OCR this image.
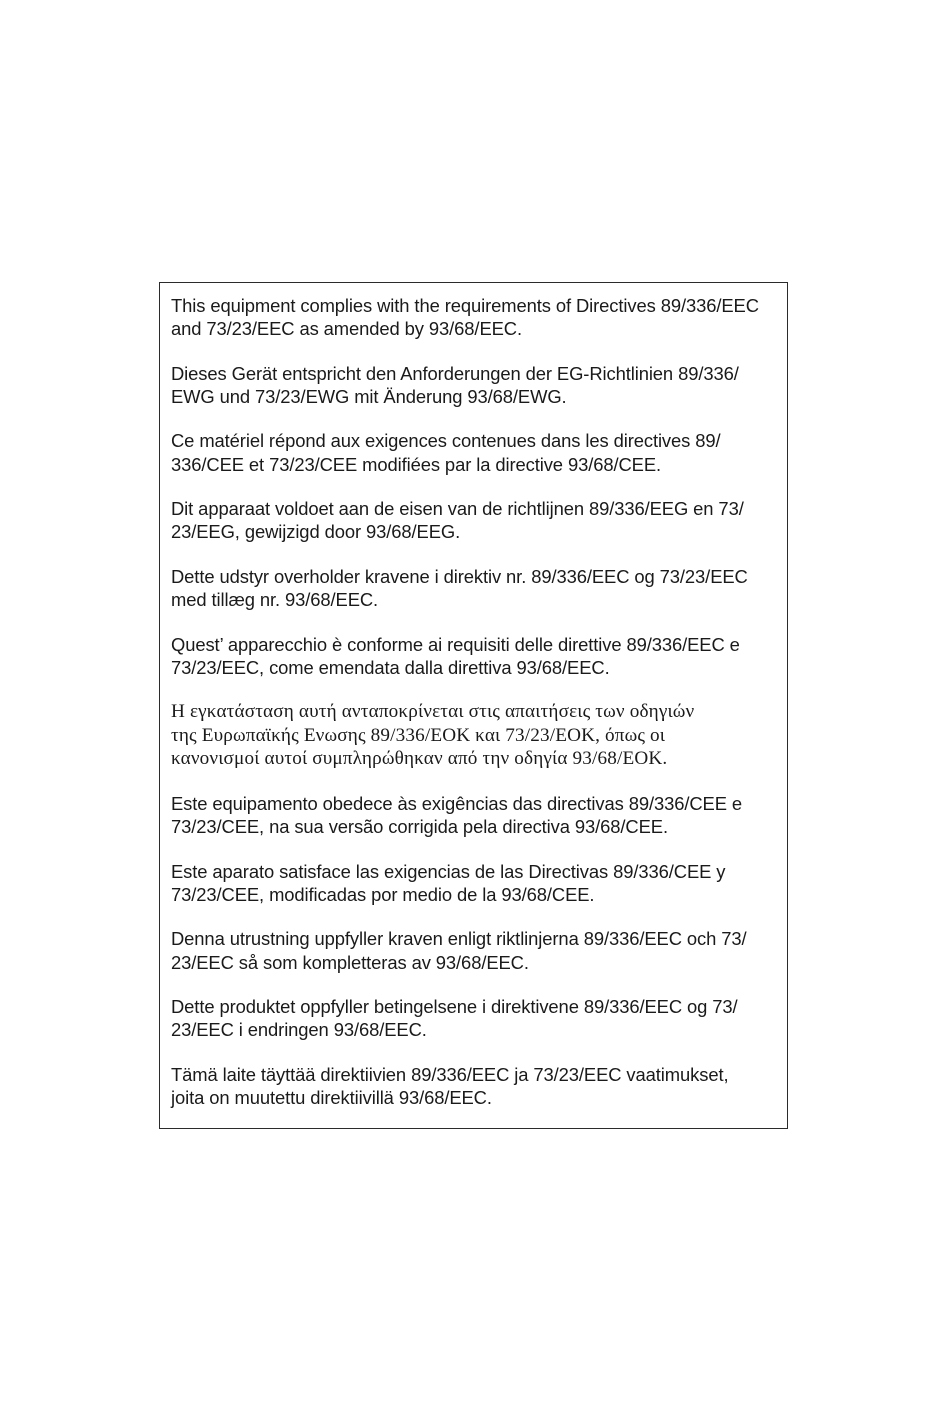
This equipment complies with the requirements of Directives 89/336/EEC
and 73/23/EEC as amended by 93/68/EEC.

Dieses Gerät entspricht den Anforderungen der EG-Richtlinien 89/336/
EWG und 73/23/EWG mit Änderung 93/68/EWG.

Ce matériel répond aux exigences contenues dans les directives 89/
336/CEE et 73/23/CEE modifiées par la directive 93/68/CEE.

Dit apparaat voldoet aan de eisen van de richtlijnen 89/336/EEG en 73/
23/EEG, gewijzigd door 93/68/EEG.

Dette udstyr overholder kravene i direktiv nr. 89/336/EEC og 73/23/EEC
med tillæg nr. 93/68/EEC.

Quest’ apparecchio è conforme ai requisiti delle direttive 89/336/EEC e
73/23/EEC, come emendata dalla direttiva 93/68/EEC.

Η εγκατάσταση αυτή ανταποκρίνεται στις απαιτήσεις των οδηγιών
της Ευρωπαϊκής Ενωσης 89/336/ΕΟΚ και 73/23/ΕΟΚ, όπως οι
κανονισμοί αυτοί συμπληρώθηκαν από την οδηγία 93/68/ΕΟΚ.

Este equipamento obedece às exigências das directivas 89/336/CEE e
73/23/CEE, na sua versão corrigida pela directiva 93/68/CEE.

Este aparato satisface las exigencias de las Directivas 89/336/CEE y
73/23/CEE, modificadas por medio de la 93/68/CEE.

Denna utrustning uppfyller kraven enligt riktlinjerna 89/336/EEC och 73/
23/EEC så som kompletteras av 93/68/EEC.

Dette produktet oppfyller betingelsene i direktivene 89/336/EEC og 73/
23/EEC i endringen 93/68/EEC.

Tämä laite täyttää direktiivien 89/336/EEC ja 73/23/EEC vaatimukset,
joita on muutettu direktiivillä 93/68/EEC.
